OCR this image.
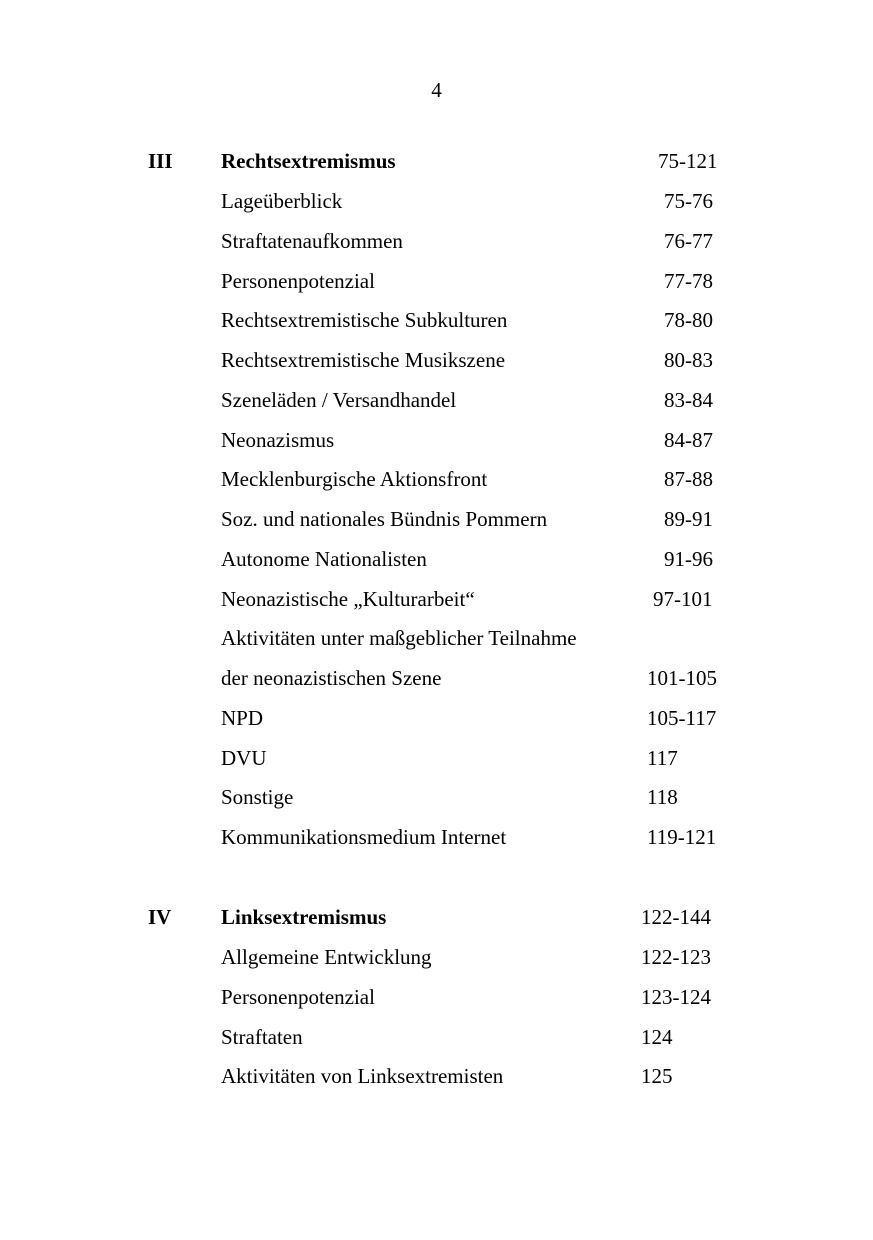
4
III Rechtsextremismus	75-121
Lageüberblick	75-76
Straftatenaufkommen	76-77
Personenpotenzial	77-78
Rechtsextremistische Subkulturen	78-80
Rechtsextremistische Musikszene	80-83
Szeneläden / Versandhandel	83-84
Neonazismus	84-87
Mecklenburgische Aktionsfront	87-88
Soz. und nationales Bündnis Pommern	89-91
Autonome Nationalisten	91-96
Neonazistische „Kulturarbeit“	97-101
Aktivitäten unter maßgeblicher Teilnahme
der neonazistischen Szene	101-105
NPD	105-117
DVU	117
Sonstige	118
Kommunikationsmedium Internet	119-121
IV Linksextremismus	122-144
Allgemeine Entwicklung	122-123
Personenpotenzial	123-124
Straftaten	124
Aktivitäten von Linksextremisten	125
